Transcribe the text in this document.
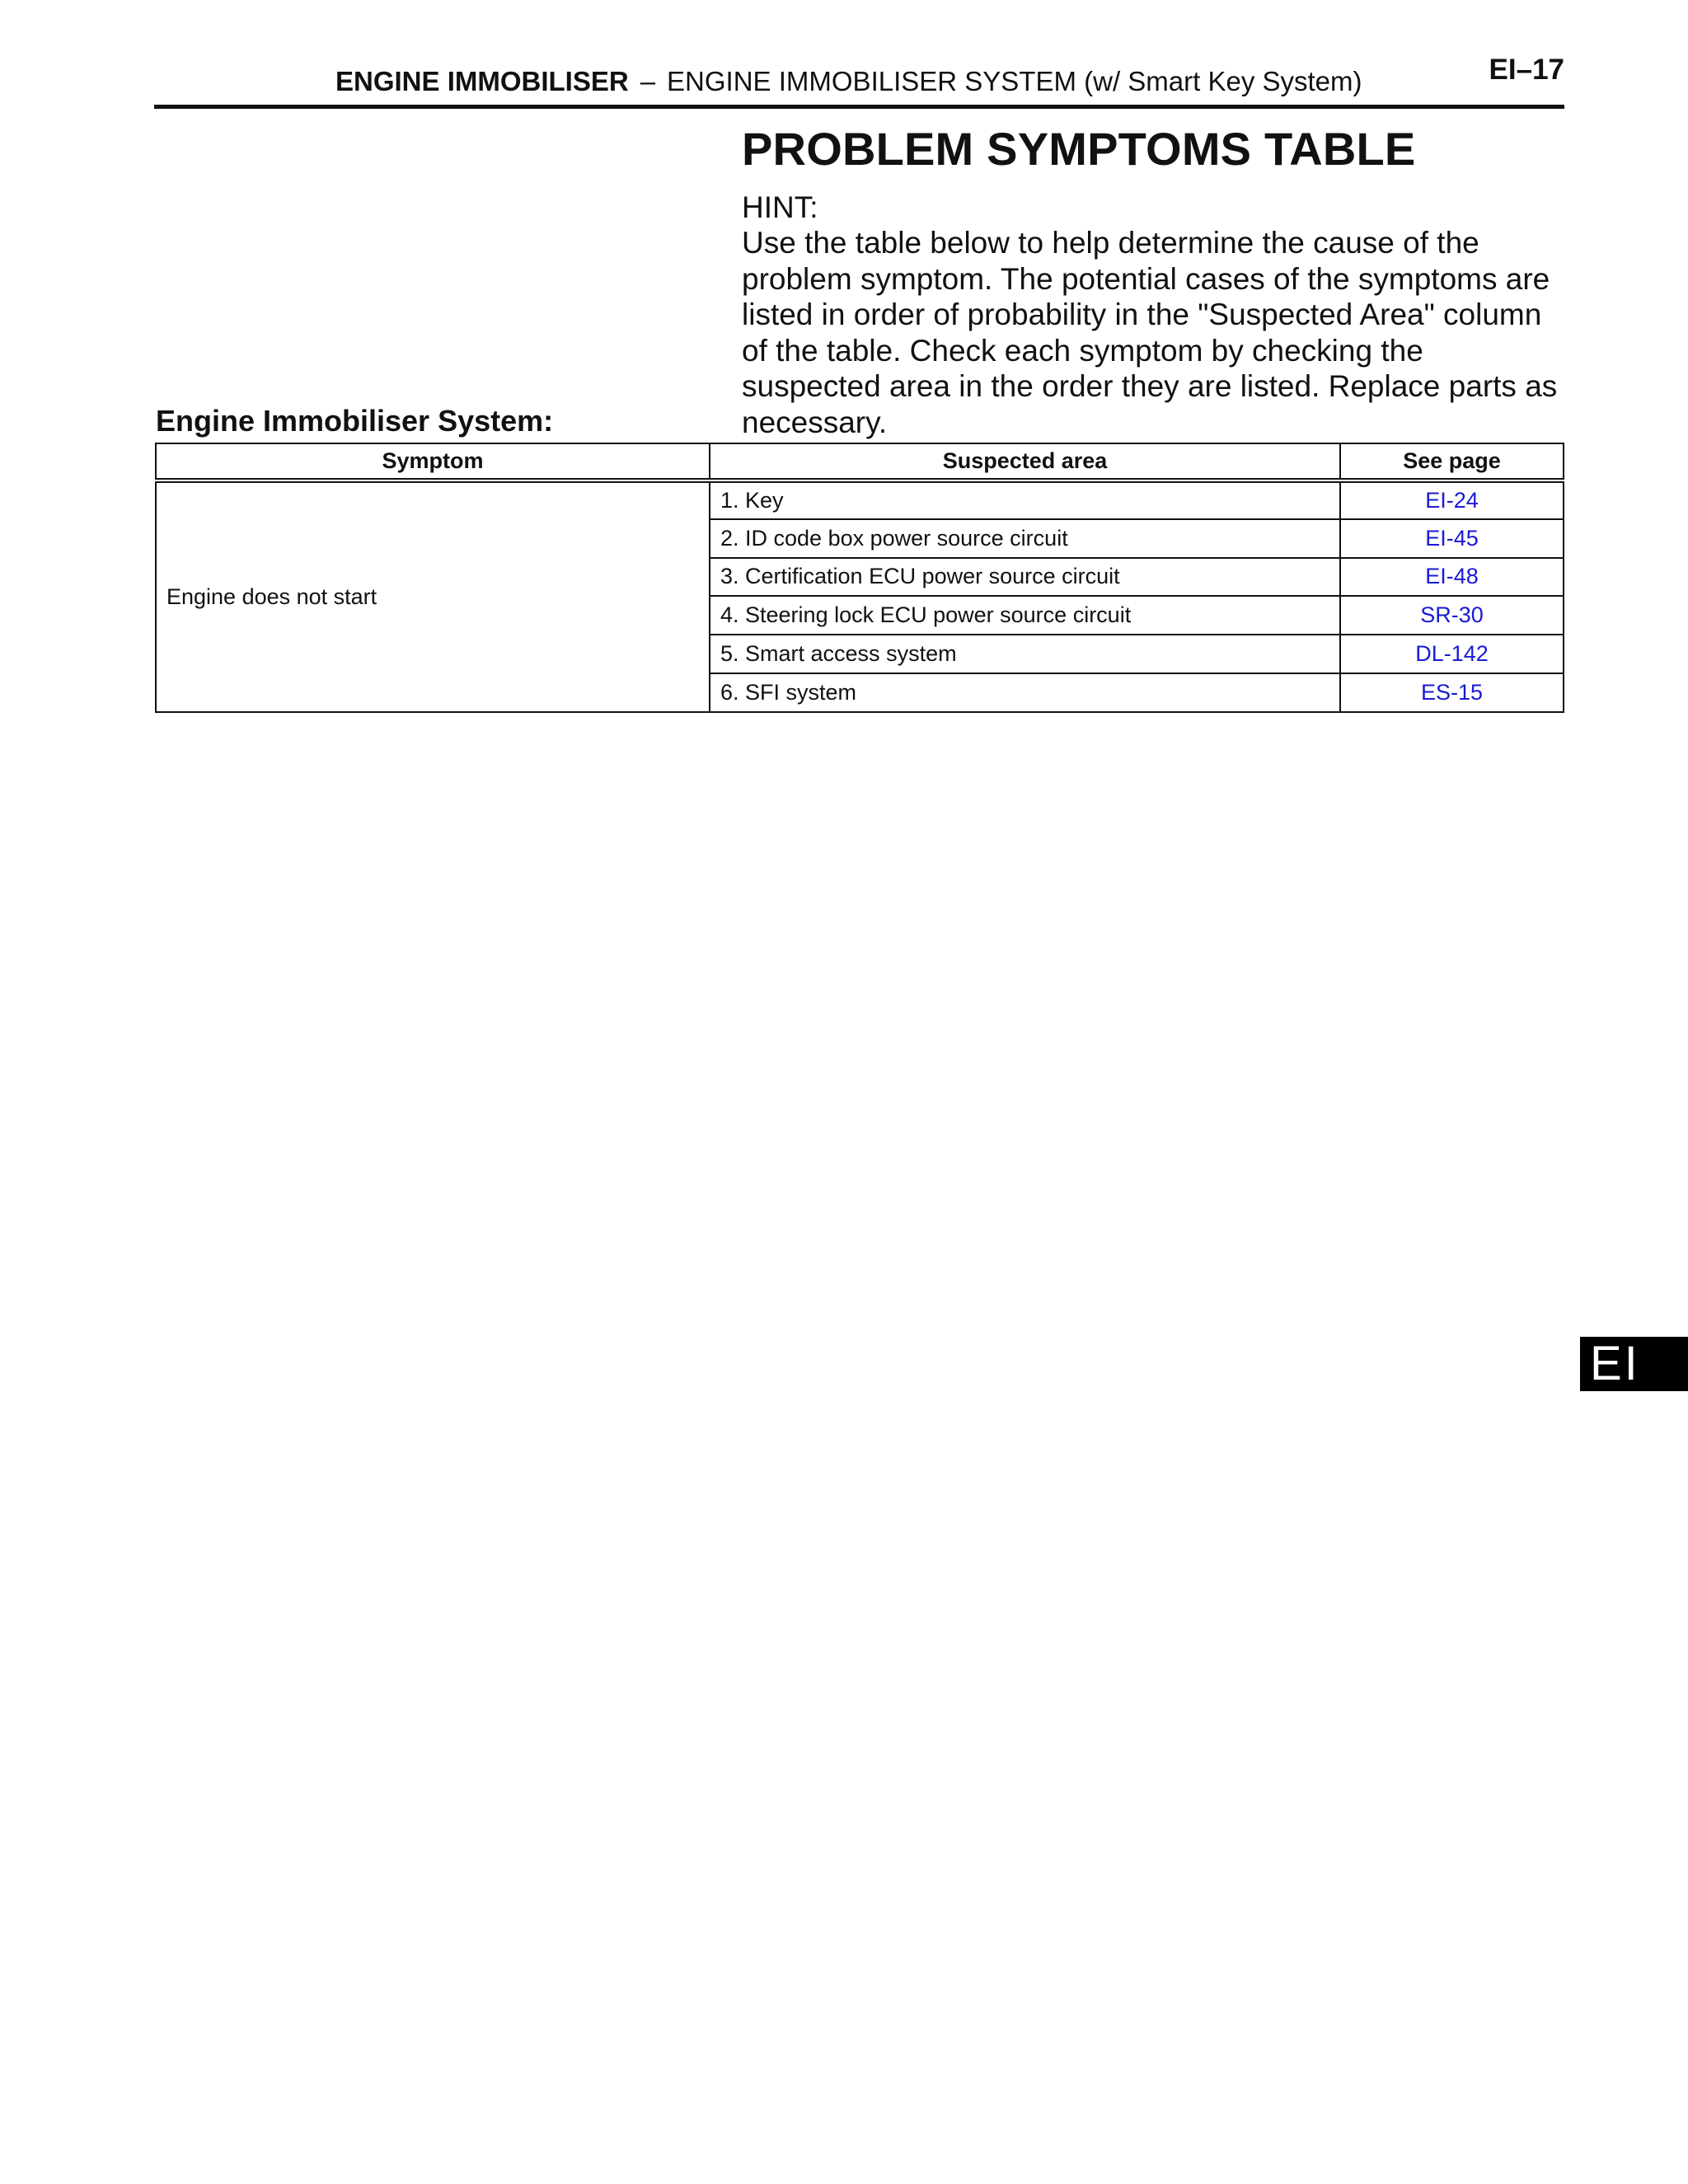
ENGINE IMMOBILISER – ENGINE IMMOBILISER SYSTEM (w/ Smart Key System)	EI–17
PROBLEM SYMPTOMS TABLE
HINT:
Use the table below to help determine the cause of the problem symptom. The potential cases of the symptoms are listed in order of probability in the "Suspected Area" column of the table. Check each symptom by checking the suspected area in the order they are listed. Replace parts as necessary.
Engine Immobiliser System:
Symptom	Suspected area	See page
Engine does not start	1. Key	EI-24
	2. ID code box power source circuit	EI-45
	3. Certification ECU power source circuit	EI-48
	4. Steering lock ECU power source circuit	SR-30
	5. Smart access system	DL-142
	6. SFI system	ES-15
EI
